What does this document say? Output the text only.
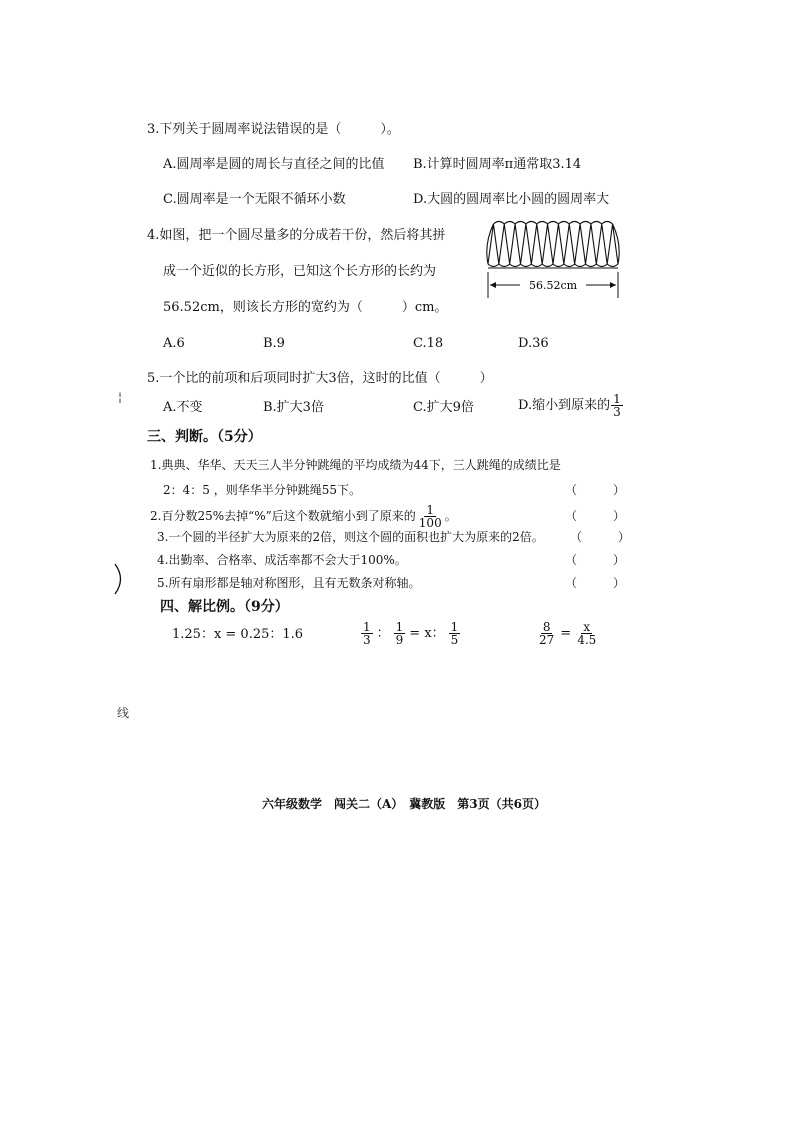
3.下列关于圆周率说法错误的是（　　　）。
A.圆周率是圆的周长与直径之间的比值 B.计算时圆周率π通常取3.14
C.圆周率是一个无限不循环小数	D.大圆的圆周率比小圆的圆周率大
4.如图，把一个圆尽量多的分成若干份，然后将其拼
成一个近似的长方形，已知这个长方形的长约为
56.52cm，则该长方形的宽约为（　　　）cm。
56.52cm
A.6	B.9	C.18	D.36
5.一个比的前项和后项同时扩大3倍，这时的比值（　　　）
A.不变	B.扩大3倍	C.扩大9倍	D.缩小到原来的 $\frac{1}{3}$
三、判断。（5分）
1.典典、华华、天天三人半分钟跳绳的平均成绩为44下，三人跳绳的成绩比是
2：4：5 ，则华华半分钟跳绳55下。	（　　　）
2.百分数25%去掉“%”后这个数就缩小到了原来的 $\frac{1}{100}$ 。	（　　　）
3.一个圆的半径扩大为原来的2倍，则这个圆的面积也扩大为原来的2倍。 （　　　）
4.出勤率、合格率、成活率都不会大于100%。	（　　　）
5.所有扇形都是轴对称图形，且有无数条对称轴。	（　　　）
四、解比例。（9分）
1.25：x = 0.25：1.6	$\frac{1}{3}$ ： $\frac{1}{9} = x$： $\frac{1}{5}$	$\frac{8}{27} = \frac{x}{4.5}$
¦
线
六年级数学　闯关二（A）　冀教版　第3页（共6页）
